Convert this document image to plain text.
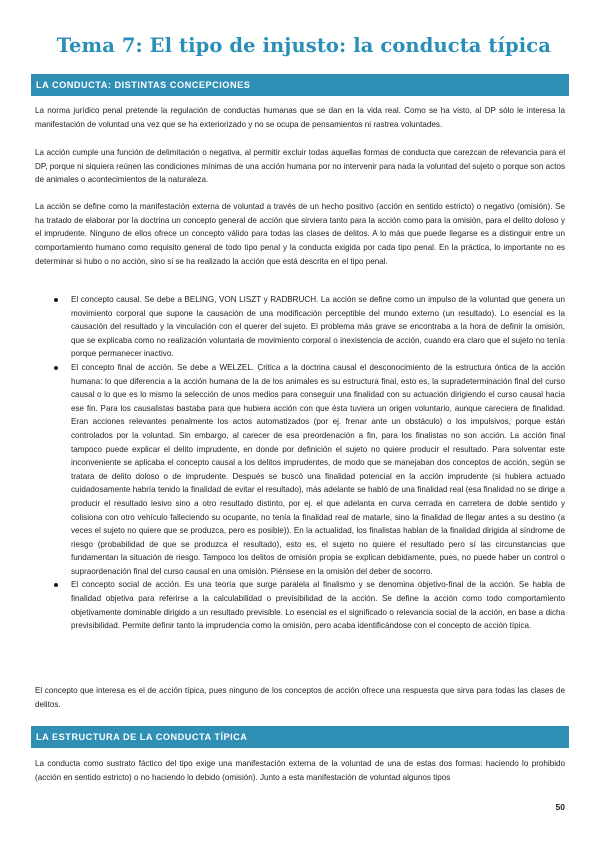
Tema 7: El tipo de injusto: la conducta típica
LA CONDUCTA: DISTINTAS CONCEPCIONES

La norma jurídico penal pretende la regulación de conductas humanas que se dan en la vida real. Como se ha visto, al DP sólo le interesa la manifestación de voluntad una vez que se ha exteriorizado y no se ocupa de pensamientos ni rastrea voluntades.

La acción cumple una función de delimitación o negativa, al permitir excluir todas aquellas formas de conducta que carezcan de relevancia para el DP, porque ni siquiera reúnen las condiciones mínimas de una acción humana por no intervenir para nada la voluntad del sujeto o porque son actos de animales o acontecimientos de la naturaleza.

La acción se define como la manifestación externa de voluntad a través de un hecho positivo (acción en sentido estricto) o negativo (omisión). Se ha tratado de elaborar por la doctrina un concepto general de acción que sirviera tanto para la acción como para la omisión, para el delito doloso y el imprudente. Ninguno de ellos ofrece un concepto válido para todas las clases de delitos. A lo más que puede llegarse es a distinguir entre un comportamiento humano como requisito general de todo tipo penal y la conducta exigida por cada tipo penal. En la práctica, lo importante no es determinar si hubo o no acción, sino si se ha realizado la acción que está descrita en el tipo penal.

El concepto causal. Se debe a BELING, VON LISZT y RADBRUCH. La acción se define como un impulso de la voluntad que genera un movimiento corporal que supone la causación de una modificación perceptible del mundo externo (un resultado). Lo esencial es la causación del resultado y la vinculación con el querer del sujeto. El problema más grave se encontraba a la hora de definir la omisión, que se explicaba como no realización voluntaria de movimiento corporal o inexistencia de acción, cuando era claro que el sujeto no tenía porque permanecer inactivo.
El concepto final de acción. Se debe a WELZEL. Critica a la doctrina causal el desconocimiento de la estructura óntica de la acción humana: lo que diferencia a la acción humana de la de los animales es su estructura final, esto es, la supradeterminación final del curso causal o lo que es lo mismo la selección de unos medios para conseguir una finalidad con su actuación dirigiendo el curso causal hacia ese fin. Para los causalistas bastaba para que hubiera acción con que ésta tuviera un origen voluntario, aunque careciera de finalidad. Eran acciones relevantes penalmente los actos automatizados (por ej. frenar ante un obstáculo) o los impulsivos, porque están controlados por la voluntad. Sin embargo, al carecer de esa preordenación a fin, para los finalistas no son acción. La acción final tampoco puede explicar el delito imprudente, en donde por definición el sujeto no quiere producir el resultado. Para solventar este inconveniente se aplicaba el concepto causal a los delitos imprudentes, de modo que se manejaban dos conceptos de acción, según se tratara de delito doloso o de imprudente. Después se buscó una finalidad potencial en la acción imprudente (si hubiera actuado cuidadosamente habría tenido la finalidad de evitar el resultado), más adelante se habló de una finalidad real (esa finalidad no se dirige a producir el resultado lesivo sino a otro resultado distinto, por ej. el que adelanta en curva cerrada en carretera de doble sentido y colisiona con otro vehículo falleciendo su ocupante, no tenía la finalidad real de matarle, sino la finalidad de llegar antes a su destino (a veces el sujeto no quiere que se produzca, pero es posible)). En la actualidad, los finalistas hablan de la finalidad dirigida al síndrome de riesgo (probabilidad de que se produzca el resultado), esto es, el sujeto no quiere el resultado pero sí las circunstancias que fundamentan la situación de riesgo. Tampoco los delitos de omisión propia se explican debidamente, pues, no puede haber un control o supraordenación final del curso causal en una omisión. Piénsese en la omisión del deber de socorro.
El concepto social de acción. Es una teoría que surge paralela al finalismo y se denomina objetivo-final de la acción. Se habla de finalidad objetiva para referirse a la calculabilidad o previsibilidad de la acción. Se define la acción como todo comportamiento objetivamente dominable dirigido a un resultado previsible. Lo esencial es el significado o relevancia social de la acción, en base a dicha previsibilidad. Permite definir tanto la imprudencia como la omisión, pero acaba identificándose con el concepto de acción típica.

El concepto que interesa es el de acción típica, pues ninguno de los conceptos de acción ofrece una respuesta que sirva para todas las clases de delitos.

LA ESTRUCTURA DE LA CONDUCTA TÍPICA

La conducta como sustrato fáctico del tipo exige una manifestación externa de la voluntad de una de estas dos formas: haciendo lo prohibido (acción en sentido estricto) o no haciendo lo debido (omisión). Junto a esta manifestación de voluntad algunos tipos

50
